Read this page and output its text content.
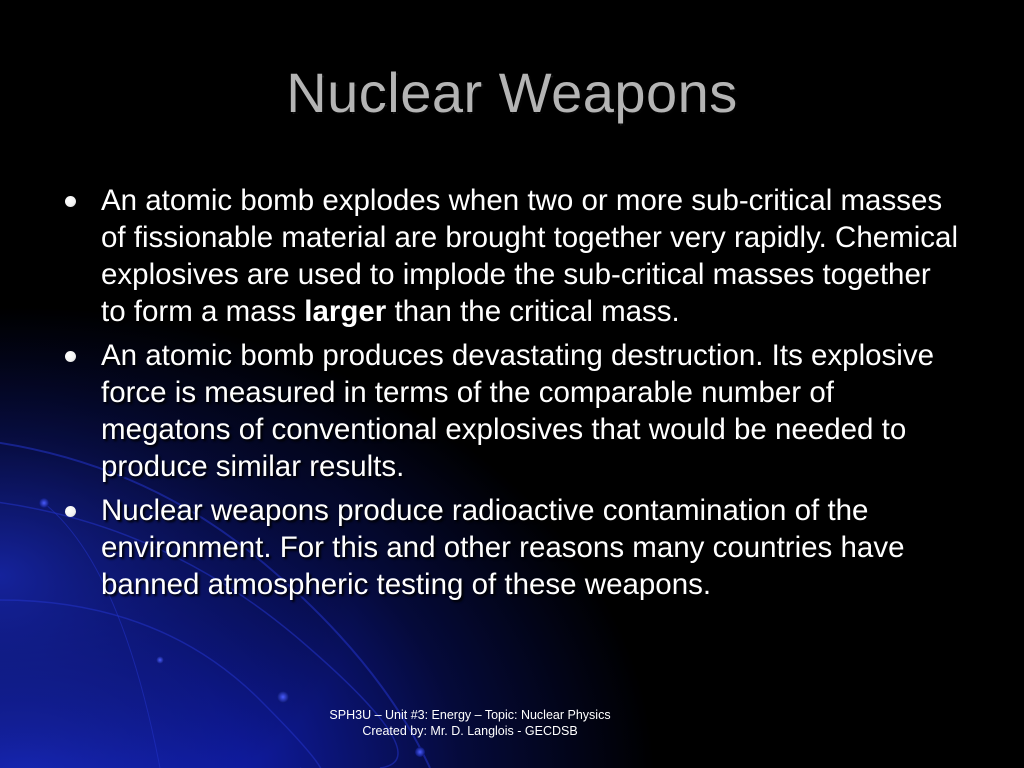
Nuclear Weapons
An atomic bomb explodes when two or more sub-critical masses of fissionable material are brought together very rapidly. Chemical explosives are used to implode the sub-critical masses together to form a mass larger than the critical mass.
An atomic bomb produces devastating destruction. Its explosive force is measured in terms of the comparable number of megatons of conventional explosives that would be needed to produce similar results.
Nuclear weapons produce radioactive contamination of the environment. For this and other reasons many countries have banned atmospheric testing of these weapons.
SPH3U – Unit #3: Energy – Topic: Nuclear Physics
Created by: Mr. D. Langlois - GECDSB
